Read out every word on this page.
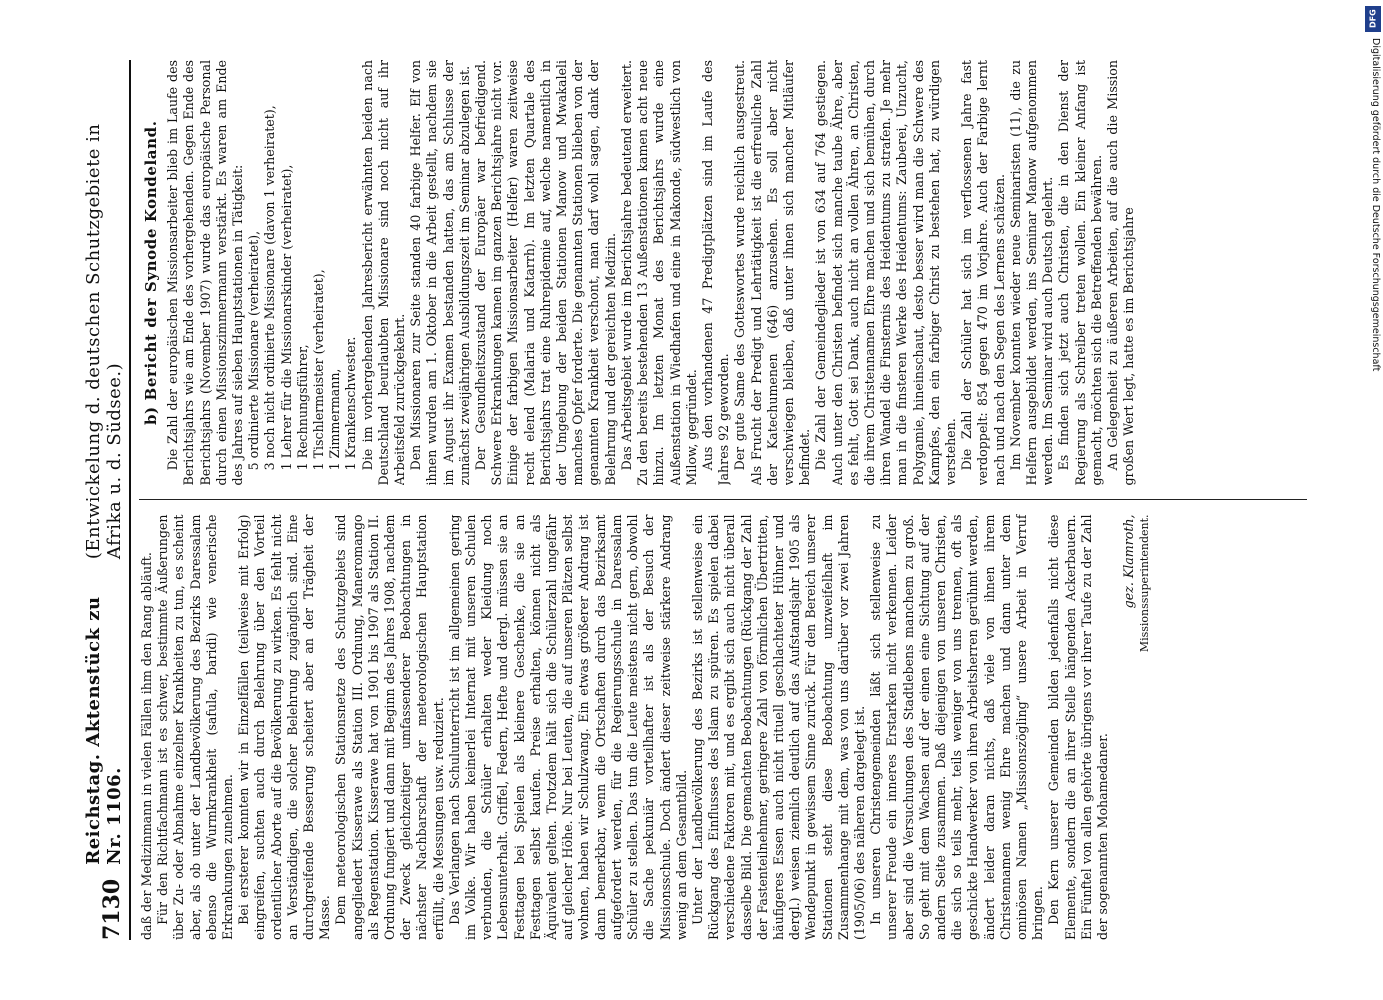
7130
Reichstag. Aktenstück zu Nr. 1106.
(Entwickelung d. deutschen Schutzgebiete in Afrika u. d. Südsee.)

daß der Medizinmann in vielen Fällen ihm den Rang abläuft. Für den Richtfachmann ist es schwer, bestimmte Äußerungen über Zu- oder Abnahme einzelner Krankheiten zu tun, es scheint aber, als ob unter der Landbevölkerung des Bezirks Daressalam ebenso die Wurmkrankheit (safula, baridi) wie venerische Erkrankungen zunehmen. Bei ersterer konnten wir in Einzelfällen (teilweise mit Erfolg) eingreifen, suchten auch durch Belehrung über den Vorteil ordentlicher Aborte auf die Bevölkerung zu wirken. Es fehlt nicht an Verständigen, die solcher Belehrung zugänglich sind. Eine durchgreifende Besserung scheitert aber an der Trägheit der Masse. Dem meteorologischen Stationsnetze des Schutzgebiets sind angegliedert Kisserawe als Station III. Ordnung, Maneromango als Regenstation. Kisserawe hat von 1901 bis 1907 als Station II. Ordnung fungiert und dann mit Beginn des Jahres 1908, nachdem der Zweck gleichzeitiger umfassenderer Beobachtungen in nächster Nachbarschaft der meteorologischen Hauptstation erfüllt, die Messungen usw. reduziert. Das Verlangen nach Schulunterricht ist im allgemeinen gering im Volke. Wir haben keinerlei Internat mit unseren Schulen verbunden, die Schüler erhalten weder Kleidung noch Lebensunterhalt. Griffel, Federn, Hefte und dergl. müssen sie an Festtagen bei Spielen als kleinere Geschenke, die sie an Festtagen selbst kaufen. Preise erhalten, können nicht als Äquivalent gelten. Trotzdem hält sich die Schülerzahl ungefähr auf gleicher Höhe. Nur bei Leuten, die auf unseren Plätzen selbst wohnen, haben wir Schulzwang. Ein etwas größerer Andrang ist dann bemerkbar, wenn die Ortschaften durch das Bezirksamt aufgefordert werden, für die Regierungsschule in Daressalam Schüler zu stellen. Das tun die Leute meistens nicht gern, obwohl die Sache pekuniär vorteilhafter ist als der Besuch der Missionsschule. Doch ändert dieser zeitweise stärkere Andrang wenig an dem Gesamtbild. Unter der Landbevölkerung des Bezirks ist stellenweise ein Rückgang des Einflusses des Islam zu spüren. Es spielen dabei verschiedene Faktoren mit, und es ergibt sich auch nicht überall dasselbe Bild. Die gemachten Beobachtungen (Rückgang der Zahl der Fastenteilnehmer, geringere Zahl von förmlichen Übertritten, häufigeres Essen auch nicht rituell geschlachteter Hühner und dergl.) weisen ziemlich deutlich auf das Aufstandsjahr 1905 als Wendepunkt in gewissem Sinne zurück. Für den Bereich unserer Stationen steht diese Beobachtung unzweifelhaft im Zusammenhange mit dem, was von uns darüber vor zwei Jahren (1905/06) des näheren dargelegt ist. In unseren Christengemeinden läßt sich stellenweise zu unserer Freude ein inneres Erstarken nicht verkennen. Leider aber sind die Versuchungen des Stadtlebens manchem zu groß. So geht mit dem Wachsen auf der einen eine Sichtung auf der andern Seite zusammen. Daß diejenigen von unseren Christen, die sich so teils mehr, teils weniger von uns trennen, oft als geschickte Handwerker von ihren Arbeitsherren gerühmt werden, ändert leider daran nichts, daß viele von ihnen ihrem Christennamen wenig Ehre machen und dann unter dem ominösen Namen „Missionszögling“ unsere Arbeit in Verruf bringen. Den Kern unserer Gemeinden bilden jedenfalls nicht diese Elemente, sondern die an ihrer Stelle hängenden Ackerbauern. Ein Fünftel von allen gehörte übrigens vor ihrer Taufe zu der Zahl der sogenannten Mohamedaner.

gez. Klamroth, Missionssuperintendent.
b) Bericht der Synode Kondeland. Die Zahl der europäischen Missionsarbeiter blieb im Laufe des Berichtsjahrs wie am Ende des vorhergehenden. Gegen Ende des Berichtsjahrs (November 1907) wurde das europäische Personal durch einen Missionszimmermann verstärkt. Es waren am Ende des Jahres auf sieben Hauptstationen in Tätigkeit: 5 ordinierte Missionare (verheiratet), 3 noch nicht ordinierte Missionare (davon 1 verheiratet), 1 Lehrer für die Missionarskinder (verheiratet), 1 Rechnungsführer, 1 Tischlermeister (verheiratet), 1 Zimmermann, 1 Krankenschwester. Die im vorhergehenden Jahresbericht erwähnten beiden nach Deutschland beurlaubten Missionare sind noch nicht auf ihr Arbeitsfeld zurückgekehrt. Den Missionaren zur Seite standen 40 farbige Helfer. Elf von ihnen wurden am 1. Oktober in die Arbeit gestellt, nachdem sie im August ihr Examen bestanden hatten, das am Schlusse der zunächst zweijährigen Ausbildungszeit im Seminar abzulegen ist. Der Gesundheitszustand der Europäer war befriedigend. Schwere Erkrankungen kamen im ganzen Berichtsjahre nicht vor. Einige der farbigen Missionsarbeiter (Helfer) waren zeitweise recht elend (Malaria und Katarrh). Im letzten Quartale des Berichtsjahrs trat eine Ruhrepidemie auf, welche namentlich in der Umgebung der beiden Stationen Manow und Mwakaleli manches Opfer forderte. Die genannten Stationen blieben von der genannten Krankheit verschont, man darf wohl sagen, dank der Belehrung und der gereichten Medizin. Das Arbeitsgebiet wurde im Berichtsjahre bedeutend erweitert. Zu den bereits bestehenden 13 Außenstationen kamen acht neue hinzu. Im letzten Monat des Berichtsjahrs wurde eine Außenstation in Wiedhafen und eine in Makonde, südwestlich von Milow, gegründet. Aus den vorhandenen 47 Predigtplätzen sind im Laufe des Jahres 92 geworden. Der gute Same des Gotteswortes wurde reichlich ausgestreut. Als Frucht der Predigt und Lehrtätigkeit ist die erfreuliche Zahl der Katechumenen (646) anzusehen. Es soll aber nicht verschwiegen bleiben, daß unter ihnen sich mancher Mitläufer befindet. Die Zahl der Gemeindeglieder ist von 634 auf 764 gestiegen. Auch unter den Christen befindet sich manche taube Ähre, aber es fehlt, Gott sei Dank, auch nicht an vollen Ähren, an Christen, die ihrem Christennamen Ehre machen und sich bemühen, durch ihren Wandel die Finsternis des Heidentums zu strafen. Je mehr man in die finsteren Werke des Heidentums: Zauberei, Unzucht, Polygamie, hineinschaut, desto besser wird man die Schwere des Kampfes, den ein farbiger Christ zu bestehen hat, zu würdigen verstehen. Die Zahl der Schüler hat sich im verflossenen Jahre fast verdoppelt: 854 gegen 470 im Vorjahre. Auch der Farbige lernt nach und nach den Segen des Lernens schätzen. Im November konnten wieder neue Seminaristen (11), die zu Helfern ausgebildet werden, ins Seminar Manow aufgenommen werden. Im Seminar wird auch Deutsch gelehrt. Es finden sich jetzt auch Christen, die in den Dienst der Regierung als Schreiber treten wollen. Ein kleiner Anfang ist gemacht, möchten sich die Betreffenden bewähren. An Gelegenheit zu äußeren Arbeiten, auf die auch die Mission großen Wert legt, hatte es im Berichtsjahre

DFG
Digitalisierung gefördert durch die Deutsche Forschungsgemeinschaft
